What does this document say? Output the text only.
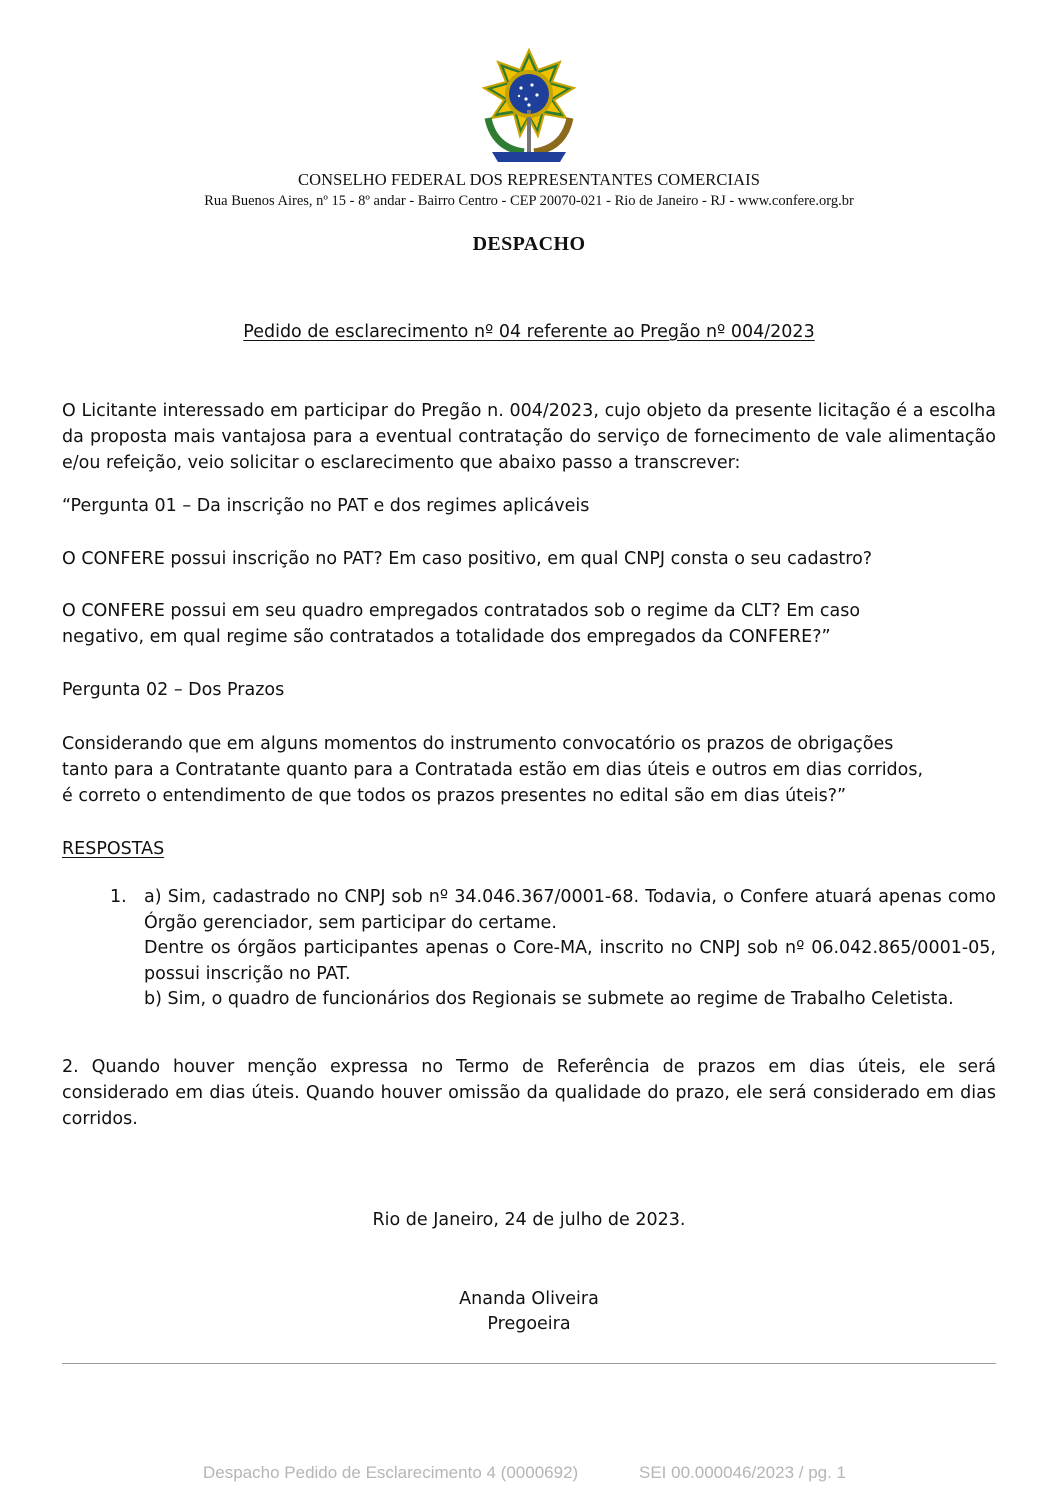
CONSELHO FEDERAL DOS REPRESENTANTES COMERCIAIS
Rua Buenos Aires, nº 15 - 8º andar - Bairro Centro - CEP 20070-021 - Rio de Janeiro - RJ - www.confere.org.br
DESPACHO
Pedido de esclarecimento nº 04 referente ao Pregão nº 004/2023
O Licitante interessado em participar do Pregão n. 004/2023, cujo objeto da presente licitação é a escolha da proposta mais vantajosa para a eventual contratação do serviço de fornecimento de vale alimentação e/ou refeição, veio solicitar o esclarecimento que abaixo passo a transcrever:
“Pergunta 01 – Da inscrição no PAT e dos regimes aplicáveis
O CONFERE possui inscrição no PAT? Em caso positivo, em qual CNPJ consta o seu cadastro?
O CONFERE possui em seu quadro empregados contratados sob o regime da CLT? Em caso
negativo, em qual regime são contratados a totalidade dos empregados da CONFERE?”
Pergunta 02 – Dos Prazos
Considerando que em alguns momentos do instrumento convocatório os prazos de obrigações
tanto para a Contratante quanto para a Contratada estão em dias úteis e outros em dias corridos,
é correto o entendimento de que todos os prazos presentes no edital são em dias úteis?”
RESPOSTAS
1. a) Sim, cadastrado no CNPJ sob nº 34.046.367/0001-68. Todavia, o Confere atuará apenas como Órgão gerenciador, sem participar do certame.
Dentre os órgãos participantes apenas o Core-MA, inscrito no CNPJ sob nº 06.042.865/0001-05, possui inscrição no PAT.
b) Sim, o quadro de funcionários dos Regionais se submete ao regime de Trabalho Celetista.
2. Quando houver menção expressa no Termo de Referência de prazos em dias úteis, ele será considerado em dias úteis. Quando houver omissão da qualidade do prazo, ele será considerado em dias corridos.
Rio de Janeiro, 24 de julho de 2023.
Ananda Oliveira
Pregoeira
Despacho Pedido de Esclarecimento 4 (0000692)	SEI 00.000046/2023 / pg. 1
